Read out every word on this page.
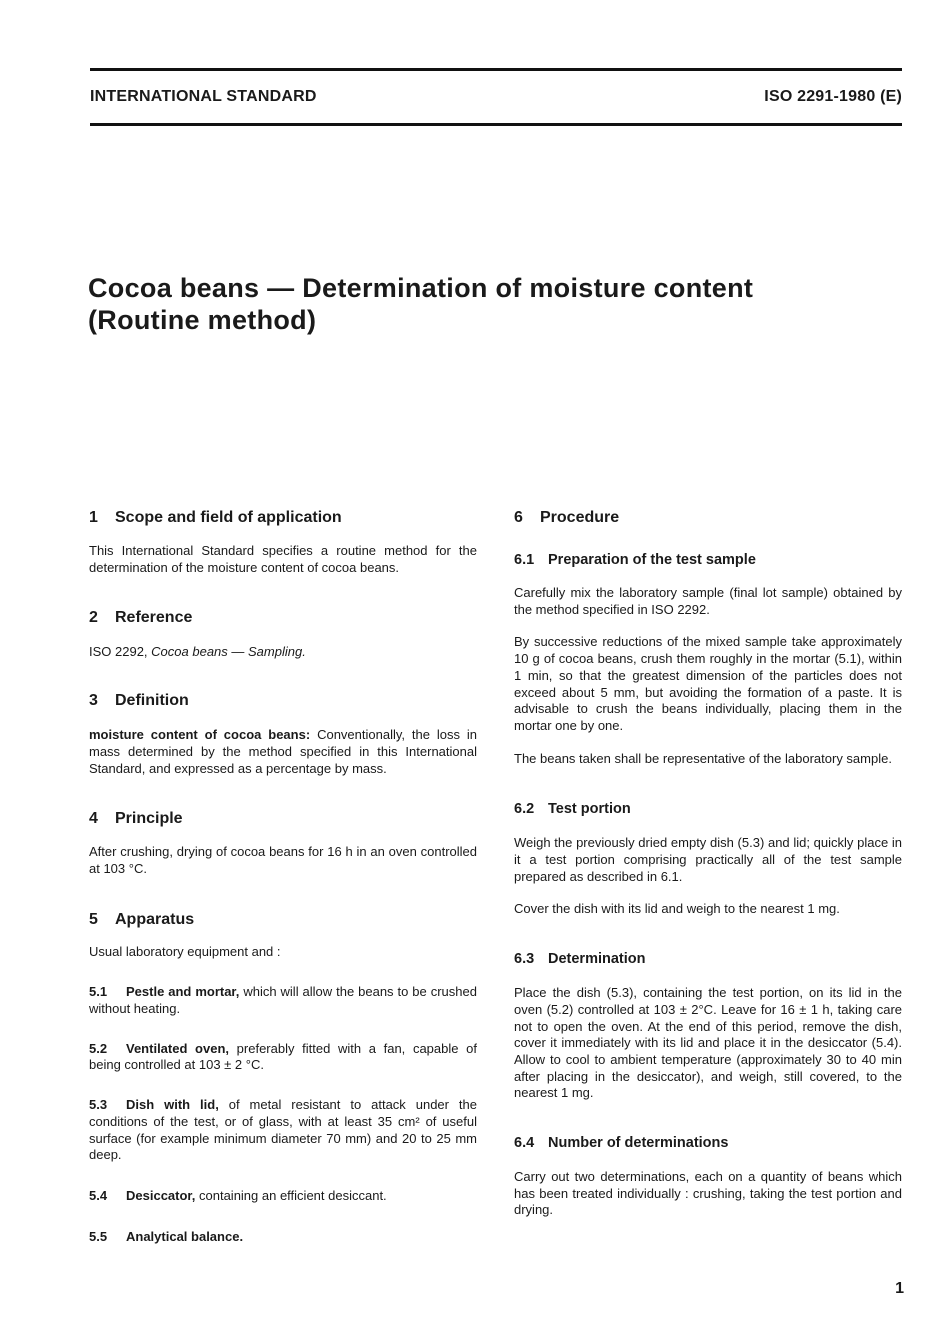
INTERNATIONAL STANDARD	ISO 2291-1980 (E)
Cocoa beans — Determination of moisture content
(Routine method)
1 Scope and field of application

This International Standard specifies a routine method for the determination of the moisture content of cocoa beans.

2 Reference

ISO 2292, Cocoa beans — Sampling.

3 Definition

moisture content of cocoa beans: Conventionally, the loss in mass determined by the method specified in this International Standard, and expressed as a percentage by mass.

4 Principle

After crushing, drying of cocoa beans for 16 h in an oven controlled at 103 °C.

5 Apparatus

Usual laboratory equipment and :

5.1 Pestle and mortar, which will allow the beans to be crushed without heating.

5.2 Ventilated oven, preferably fitted with a fan, capable of being controlled at 103 ± 2 °C.

5.3 Dish with lid, of metal resistant to attack under the conditions of the test, or of glass, with at least 35 cm² of useful surface (for example minimum diameter 70 mm) and 20 to 25 mm deep.

5.4 Desiccator, containing an efficient desiccant.

5.5 Analytical balance.

6 Procedure
6.1 Preparation of the test sample

Carefully mix the laboratory sample (final lot sample) obtained by the method specified in ISO 2292.

By successive reductions of the mixed sample take approximately 10 g of cocoa beans, crush them roughly in the mortar (5.1), within 1 min, so that the greatest dimension of the particles does not exceed about 5 mm, but avoiding the formation of a paste. It is advisable to crush the beans individually, placing them in the mortar one by one.

The beans taken shall be representative of the laboratory sample.

6.2 Test portion

Weigh the previously dried empty dish (5.3) and lid; quickly place in it a test portion comprising practically all of the test sample prepared as described in 6.1.

Cover the dish with its lid and weigh to the nearest 1 mg.

6.3 Determination

Place the dish (5.3), containing the test portion, on its lid in the oven (5.2) controlled at 103 ± 2°C. Leave for 16 ± 1 h, taking care not to open the oven. At the end of this period, remove the dish, cover it immediately with its lid and place it in the desiccator (5.4). Allow to cool to ambient temperature (approximately 30 to 40 min after placing in the desiccator), and weigh, still covered, to the nearest 1 mg.

6.4 Number of determinations

Carry out two determinations, each on a quantity of beans which has been treated individually : crushing, taking the test portion and drying.

1
